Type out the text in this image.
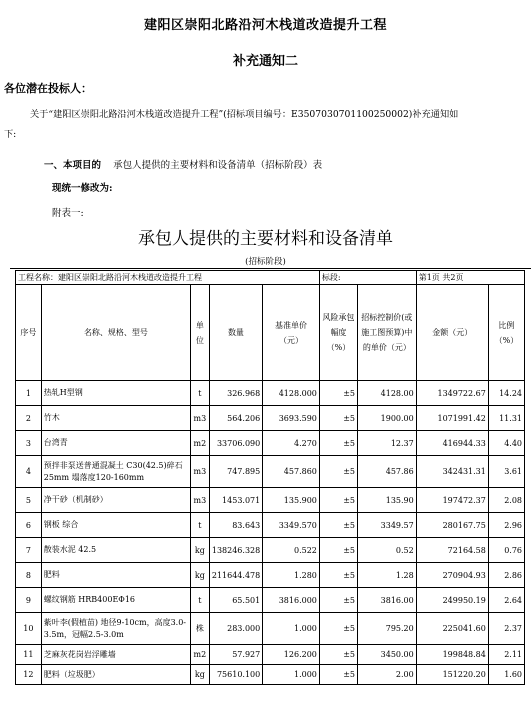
建阳区崇阳北路沿河木栈道改造提升工程
补充通知二
各位潜在投标人：
关于“建阳区崇阳北路沿河木栈道改造提升工程”(招标项目编号：E3507030701100250002)补充通知如
下:
一、本项目的 承包人提供的主要材料和设备清单（招标阶段）表
现统一修改为:
附表一:
承包人提供的主要材料和设备清单
(招标阶段)
工程名称：建阳区崇阳北路沿河木栈道改造提升工程					标段:		第1页 共2页	
序号	名称、规格、型号	单位	数量	基准单价（元）	风险承包幅度（%）	招标控制价(或施工图预算)中的单价（元）	金额（元）	比例（%）
1	热轧H型钢	t	326.968	4128.000	±5	4128.00	1349722.67	14.24
2	竹木	m3	564.206	3693.590	±5	1900.00	1071991.42	11.31
3	台湾青	m2	33706.090	4.270	±5	12.37	416944.33	4.40
4	预拌非泵送普通混凝土 C30(42.5)碎石25mm 塌落度120-160mm	m3	747.895	457.860	±5	457.86	342431.31	3.61
5	净干砂（机制砂）	m3	1453.071	135.900	±5	135.90	197472.37	2.08
6	钢板 综合	t	83.643	3349.570	±5	3349.57	280167.75	2.96
7	散装水泥 42.5	kg	138246.328	0.522	±5	0.52	72164.58	0.76
8	肥料	kg	211644.478	1.280	±5	1.28	270904.93	2.86
9	螺纹钢筋 HRB400EΦ16	t	65.501	3816.000	±5	3816.00	249950.19	2.64
10	紫叶李(假植苗) 地径9-10cm，高度3.0-3.5m，冠幅2.5-3.0m	株	283.000	1.000	±5	795.20	225041.60	2.37
11	芝麻灰花岗岩浮雕墙	m2	57.927	126.200	±5	3450.00	199848.84	2.11
12	肥料（垃圾肥）	kg	75610.100	1.000	±5	2.00	151220.20	1.60
